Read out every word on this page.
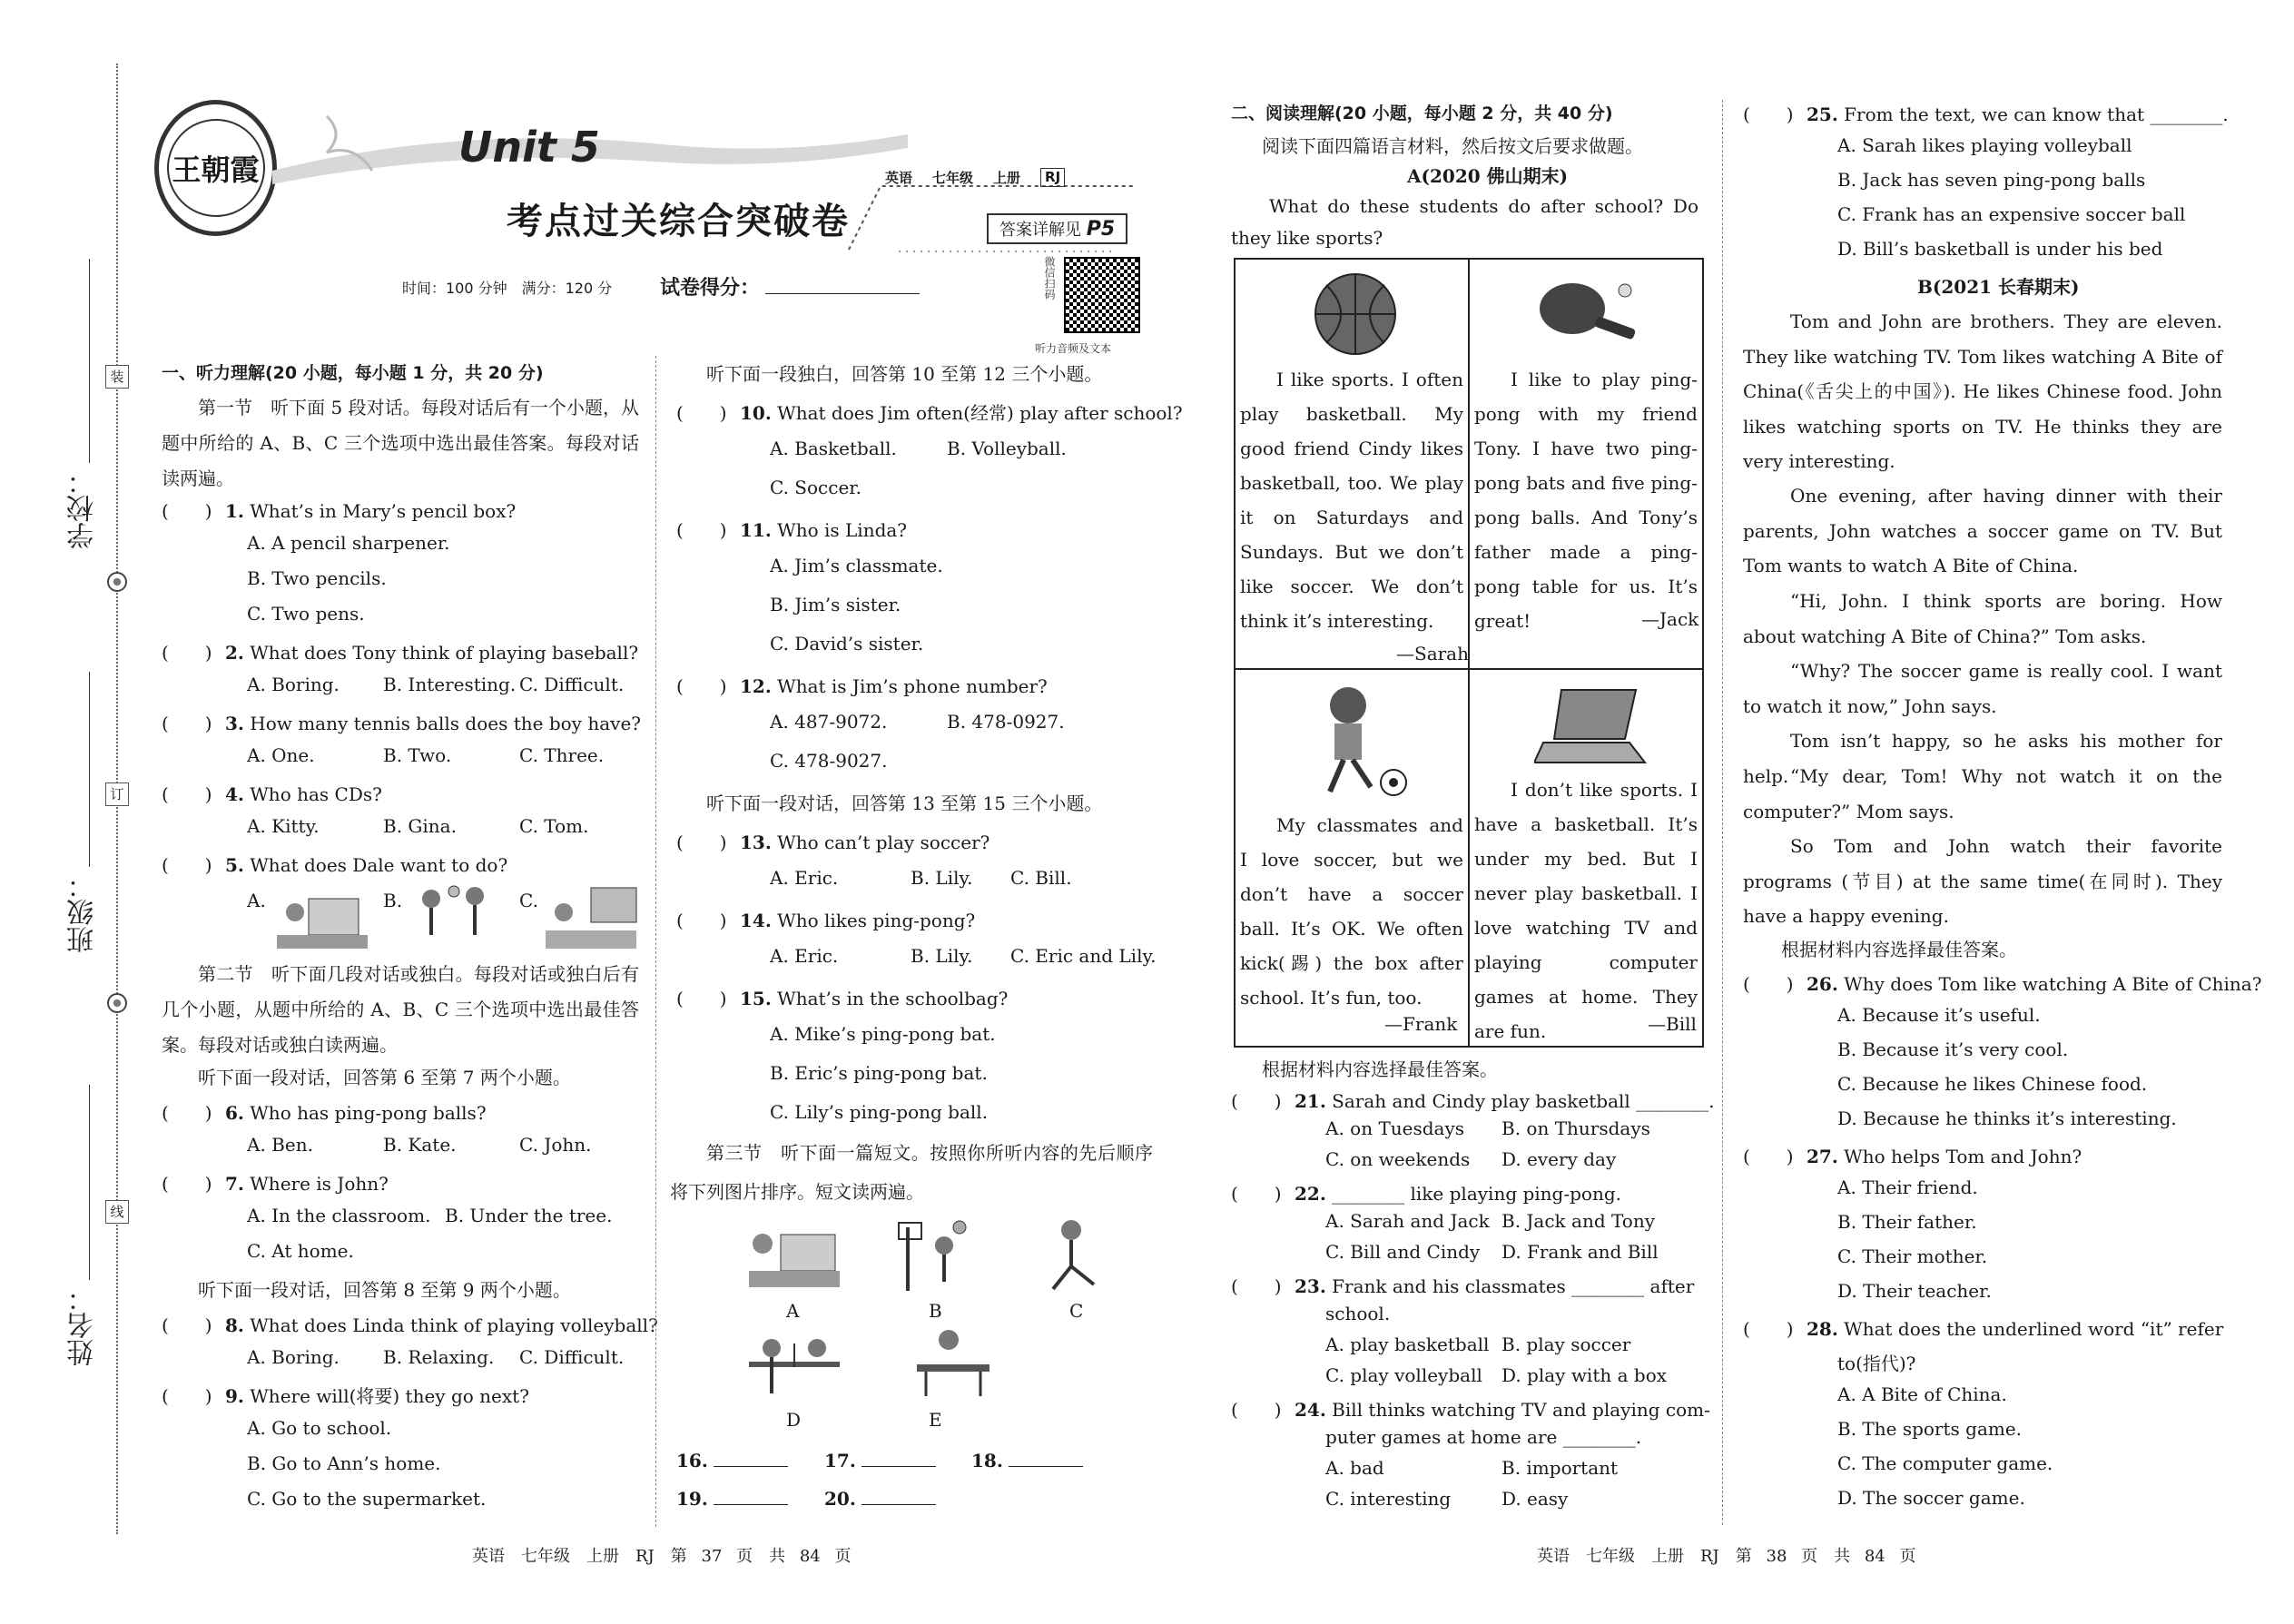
学校：
班级：
姓名：
装
订
线
王朝霞	Unit 5
考点过关综合突破卷
英语 七年级 上册	RJ
答案详解见 P5
微信扫码
听力音频及文本
时间：100 分钟　满分：120 分 试卷得分：
一、听力理解(20 小题，每小题 1 分，共 20 分)
第一节　听下面 5 段对话。每段对话后有一个小题，从题中所给的 A、B、C 三个选项中选出最佳答案。每段对话读两遍。
(　　) 1. What’s in Mary’s pencil box?
A. A pencil sharpener.
B. Two pencils.
C. Two pens.
(　　) 2. What does Tony think of playing baseball?
A. Boring. B. Interesting. C. Difficult.
(　　) 3. How many tennis balls does the boy have?
A. One.	B. Two.	C. Three.
(　　) 4. Who has CDs?
A. Kitty.	B. Gina.	C. Tom.
(　　) 5. What does Dale want to do?
A.	B.	C.
第二节　听下面几段对话或独白。每段对话或独白后有几个小题，从题中所给的 A、B、C 三个选项中选出最佳答案。每段对话或独白读两遍。
听下面一段对话，回答第 6 至第 7 两个小题。
(　　) 6. Who has ping-pong balls?
A. Ben.	B. Kate.	C. John.
(　　) 7. Where is John?
A. In the classroom. B. Under the tree.
C. At home.
听下面一段对话，回答第 8 至第 9 两个小题。
(　　) 8. What does Linda think of playing volleyball?
A. Boring. B. Relaxing. C. Difficult.
(　　) 9. Where will(将要) they go next?
A. Go to school.
B. Go to Ann’s home.
C. Go to the supermarket.
听下面一段独白，回答第 10 至第 12 三个小题。
(　　) 10. What does Jim often(经常) play after school?
A. Basketball.	B. Volleyball.
C. Soccer.
(　　) 11. Who is Linda?
A. Jim’s classmate.
B. Jim’s sister.
C. David’s sister.
(　　) 12. What is Jim’s phone number?
A. 487-9072.	B. 478-0927.
C. 478-9027.
听下面一段对话，回答第 13 至第 15 三个小题。
(　　) 13. Who can’t play soccer?
A. Eric.	B. Lily. C. Bill.
(　　) 14. Who likes ping-pong?
A. Eric.	B. Lily. C. Eric and Lily.
(　　) 15. What’s in the schoolbag?
A. Mike’s ping-pong bat.
B. Eric’s ping-pong bat.
C. Lily’s ping-pong ball.
第三节　听下面一篇短文。按照你所听内容的先后顺序将下列图片排序。短文读两遍。
A	B	C
D	E
16.	17.	18.
19.	20.
英语　七年级　上册　RJ　第 37 页　共 84 页
二、阅读理解(20 小题，每小题 2 分，共 40 分)
阅读下面四篇语言材料，然后按文后要求做题。
A(2020 佛山期末)
What do these students do after school? Do they like sports?
I like sports. I often play basketball. My good friend Cindy likes basketball, too. We play it on Saturdays and Sundays. But we don’t like soccer. We don’t think it’s interesting.
—Sarah
I like to play ping-pong with my friend Tony. I have two ping-pong bats and five ping-pong balls. And Tony’s father made a ping-pong table for us. It’s great!	—Jack
My classmates and I love soccer, but we don’t have a soccer ball. It’s OK. We often kick(踢) the box after school. It’s fun, too.
—Frank
I don’t like sports. I have a basketball. It’s under my bed. But I never play basketball. I love watching TV and playing computer games at home. They are fun.	—Bill
根据材料内容选择最佳答案。
(　　) 21. Sarah and Cindy play basketball ________.
A. on Tuesdays B. on Thursdays
C. on weekends D. every day
(　　) 22. ________ like playing ping-pong.
A. Sarah and Jack B. Jack and Tony
C. Bill and Cindy D. Frank and Bill
(　　) 23. Frank and his classmates ________ after
school.
A. play basketball B. play soccer
C. play volleyball D. play with a box
(　　) 24. Bill thinks watching TV and playing com-
puter games at home are ________.
A. bad	B. important
C. interesting	D. easy
(　　) 25. From the text, we can know that ________.
A. Sarah likes playing volleyball
B. Jack has seven ping-pong balls
C. Frank has an expensive soccer ball
D. Bill’s basketball is under his bed
B(2021 长春期末)
Tom and John are brothers. They are eleven. They like watching TV. Tom likes watching A Bite of China(《舌尖上的中国》). He likes Chinese food. John likes watching sports on TV. He thinks they are very interesting.
One evening, after having dinner with their parents, John watches a soccer game on TV. But Tom wants to watch A Bite of China.
“Hi, John. I think sports are boring. How about watching A Bite of China?” Tom asks.
“Why? The soccer game is really cool. I want to watch it now,” John says.
Tom isn’t happy, so he asks his mother for help. “My dear, Tom! Why not watch it on the computer?” Mom says.
So Tom and John watch their favorite programs (节目) at the same time(在同时). They have a happy evening.
根据材料内容选择最佳答案。
(　　) 26. Why does Tom like watching A Bite of China?
A. Because it’s useful.
B. Because it’s very cool.
C. Because he likes Chinese food.
D. Because he thinks it’s interesting.
(　　) 27. Who helps Tom and John?
A. Their friend.
B. Their father.
C. Their mother.
D. Their teacher.
(　　) 28. What does the underlined word “it” refer
to(指代)?
A. A Bite of China.
B. The sports game.
C. The computer game.
D. The soccer game.
英语　七年级　上册　RJ　第 38 页　共 84 页
